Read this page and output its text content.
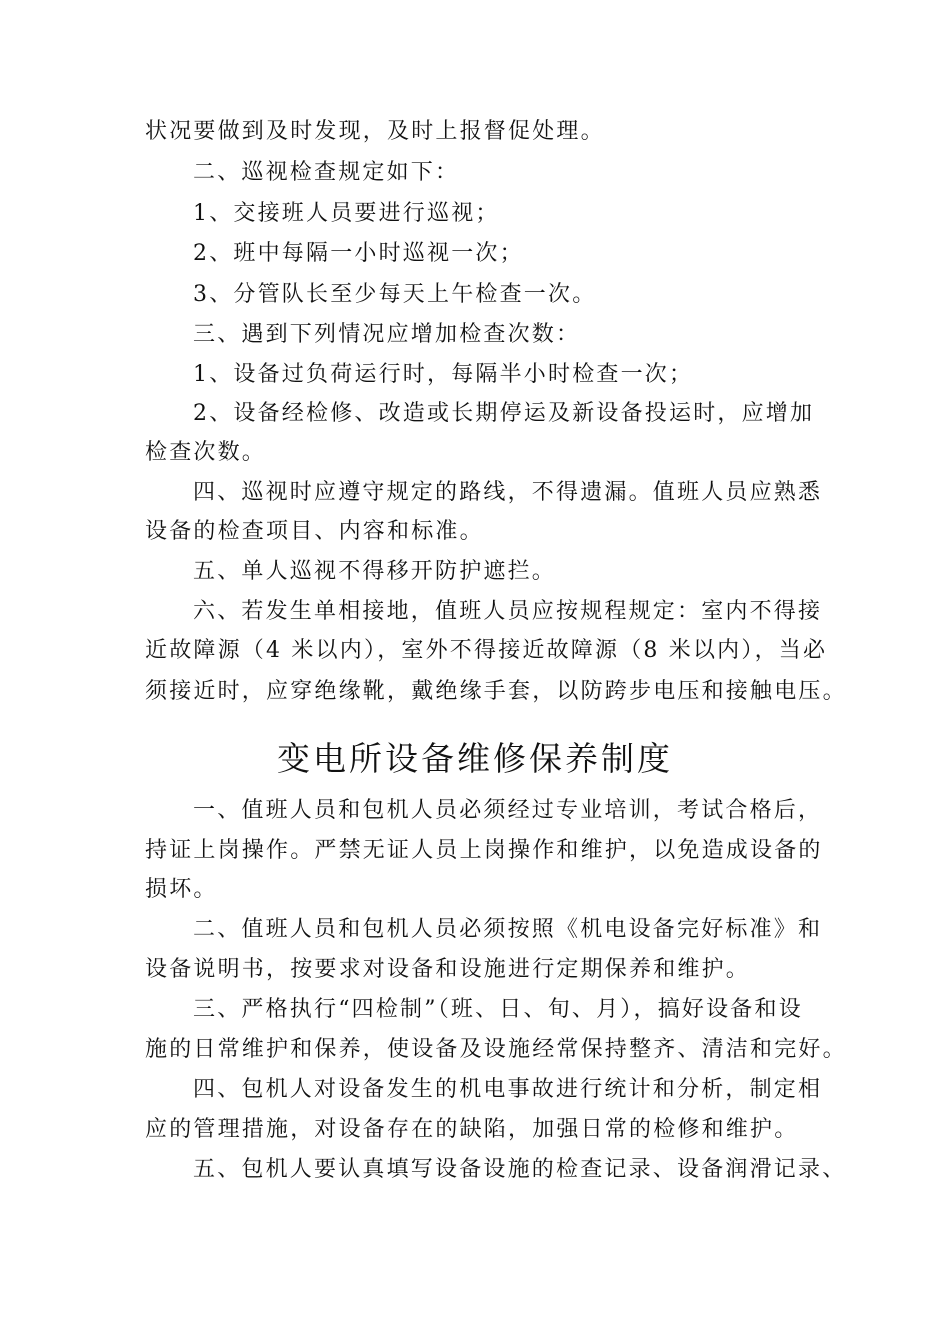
状况要做到及时发现，及时上报督促处理。
二、巡视检查规定如下：
1、交接班人员要进行巡视；
2、班中每隔一小时巡视一次；
3、分管队长至少每天上午检查一次。
三、遇到下列情况应增加检查次数：
1、设备过负荷运行时，每隔半小时检查一次；
2、设备经检修、改造或长期停运及新设备投运时，应增加
检查次数。
四、巡视时应遵守规定的路线，不得遗漏。值班人员应熟悉
设备的检查项目、内容和标准。
五、单人巡视不得移开防护遮拦。
六、若发生单相接地，值班人员应按规程规定：室内不得接
近故障源（4 米以内），室外不得接近故障源（8 米以内），当必
须接近时，应穿绝缘靴，戴绝缘手套，以防跨步电压和接触电压。
变电所设备维修保养制度
一、值班人员和包机人员必须经过专业培训，考试合格后，
持证上岗操作。严禁无证人员上岗操作和维护，以免造成设备的
损坏。
二、值班人员和包机人员必须按照《机电设备完好标准》和
设备说明书，按要求对设备和设施进行定期保养和维护。
三、严格执行“四检制”（班、日、旬、月），搞好设备和设
施的日常维护和保养，使设备及设施经常保持整齐、清洁和完好。
四、包机人对设备发生的机电事故进行统计和分析，制定相
应的管理措施，对设备存在的缺陷，加强日常的检修和维护。
五、包机人要认真填写设备设施的检查记录、设备润滑记录、
